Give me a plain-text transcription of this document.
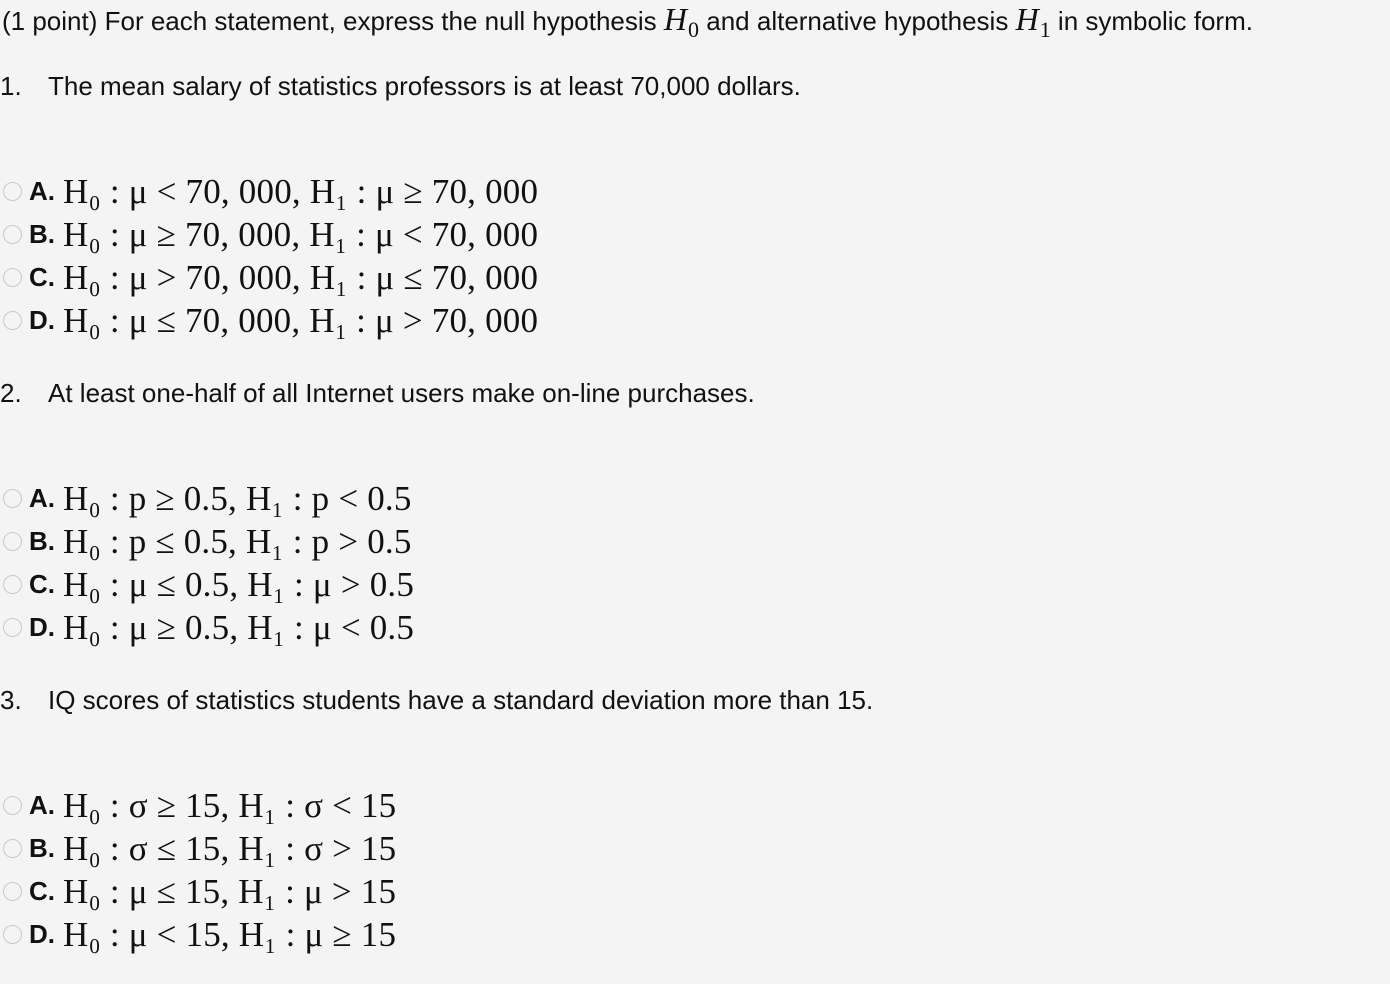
(1 point) For each statement, express the null hypothesis $H_0$ and alternative hypothesis $H_1$ in symbolic form.
1. The mean salary of statistics professors is at least 70,000 dollars.
A. H₀ : μ < 70, 000, H₁ : μ ≥ 70, 000
B. H₀ : μ ≥ 70, 000, H₁ : μ < 70, 000
C. H₀ : μ > 70, 000, H₁ : μ ≤ 70, 000
D. H₀ : μ ≤ 70, 000, H₁ : μ > 70, 000
2. At least one-half of all Internet users make on-line purchases.
A. H₀ : p ≥ 0.5, H₁ : p < 0.5
B. H₀ : p ≤ 0.5, H₁ : p > 0.5
C. H₀ : μ ≤ 0.5, H₁ : μ > 0.5
D. H₀ : μ ≥ 0.5, H₁ : μ < 0.5
3. IQ scores of statistics students have a standard deviation more than 15.
A. H₀ : σ ≥ 15, H₁ : σ < 15
B. H₀ : σ ≤ 15, H₁ : σ > 15
C. H₀ : μ ≤ 15, H₁ : μ > 15
D. H₀ : μ < 15, H₁ : μ ≥ 15
